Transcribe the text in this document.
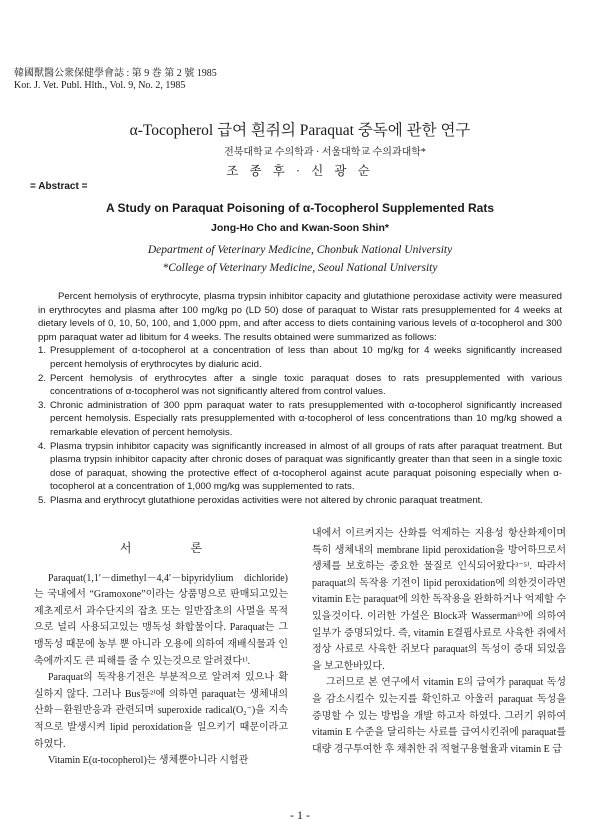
韓國獸醫公衆保健學會誌 : 第 9 巻 第 2 號 1985
Kor. J. Vet. Publ. Hlth., Vol. 9, No. 2, 1985
α-Tocopherol 급여 흰쥐의 Paraquat 중독에 관한 연구
전북대학교 수의학과 · 서울대학교 수의과대학*
조 종 후 · 신 광 순
= Abstract =
A Study on Paraquat Poisoning of α-Tocopherol Supplemented Rats
Jong-Ho Cho and Kwan-Soon Shin*
Department of Veterinary Medicine, Chonbuk National University
*College of Veterinary Medicine, Seoul National University

Percent hemolysis of erythrocyte, plasma trypsin inhibitor capacity and glutathione peroxidase activity were measured in erythrocytes and plasma after 100 mg/kg po (LD 50) dose of paraquat to Wistar rats presupplemented for 4 weeks at dietary levels of 0, 10, 50, 100, and 1,000 ppm, and after access to diets containing various levels of α-tocopherol and 300 ppm paraquat water ad libitum for 4 weeks. The results obtained were summarized as follows:

1. Presupplement of α-tocopherol at a concentration of less than about 10 mg/kg for 4 weeks significantly increased percent hemolysis of erythrocytes by dialuric acid.
2. Percent hemolysis of erythrocytes after a single toxic paraquat doses to rats presupplemented with various concentrations of α-tocopherol was not significantly altered from control values.
3. Chronic administration of 300 ppm paraquat water to rats presupplemented with α-tocopherol significantly increased percent hemolysis. Especially rats presupplemented with α-tocopherol of less concentrations than 10 mg/kg showed a remarkable elevation of percent hemolysis.
4. Plasma trypsin inhibitor capacity was significantly increased in almost of all groups of rats after paraquat treatment. But plasma trypsin inhibitor capacity after chronic doses of paraquat was significantly greater than that seen in a single toxic dose of paraquat, showing the protective effect of α-tocopherol against acute paraquat poisoning especially when α-tocopherol at a concentration of 1,000 mg/kg was supplemented to rats.
5. Plasma and erythrocyt glutathione peroxidas activities were not altered by chronic paraquat treatment.
서 론

Paraquat(1,1′－dimethyl－4,4′－bipyridylium dichloride)는 국내에서 “Gramoxone”이라는 상품명으로 판매되고있는 제초제로서 과수단지의 잡초 또는 일반잡초의 사멸을 목적으로 널리 사용되고있는 맹독성 화합물이다. Paraquat는 그 맹독성 때문에 농부 뿐 아니라 오용에 의하여 재배식물과 인축에까지도 큰 피해를 줄 수 있는것으로 알려졌다¹⁾.

Paraquat의 독작용기전은 부분적으로 알려져 있으나 확실하지 않다. 그러나 Bus등²⁾에 의하면 paraquat는 생체내의 산화－환원반응과 관련되며 superoxide radical(O₂⁻)을 지속적으로 발생시켜 lipid peroxidation을 일으키기 때문이라고 하였다.

Vitamin E(α-tocopherol)는 생체뿐아니라 시험관

내에서 이르켜지는 산화를 억제하는 지용성 항산화제이며 특히 생체내의 membrane lipid peroxidation을 방어하므로서 생체를 보호하는 중요한 물질로 인식되어왔다³⁻⁵⁾. 따라서 paraquat의 독작용 기전이 lipid peroxidation에 의한것이라면 vitamin E는 paraquat에 의한 독작용을 완화하거나 억제할 수 있을것이다. 이러한 가설은 Block과 Wasserman⁶⁾에 의하여 일부가 증명되었다. 즉, vitamin E결핍사료로 사육한 쥐에서 정상 사료로 사육한 쥐보다 paraquat의 독성이 증대 되었음을 보고한바있다.

그러므로 본 연구에서 vitamin E의 급여가 paraquat 독성을 감소시킬수 있는지를 확인하고 아울러 paraquat 독성을 증명할 수 있는 방법을 개발 하고자 하였다. 그러기 위하여 vitamin E 수준을 달리하는 사료를 급여시킨쥐에 paraquat를 대량 경구투여한 후 채취한 쥐 적혈구용혈율과 vitamin E 급

- 1 -
